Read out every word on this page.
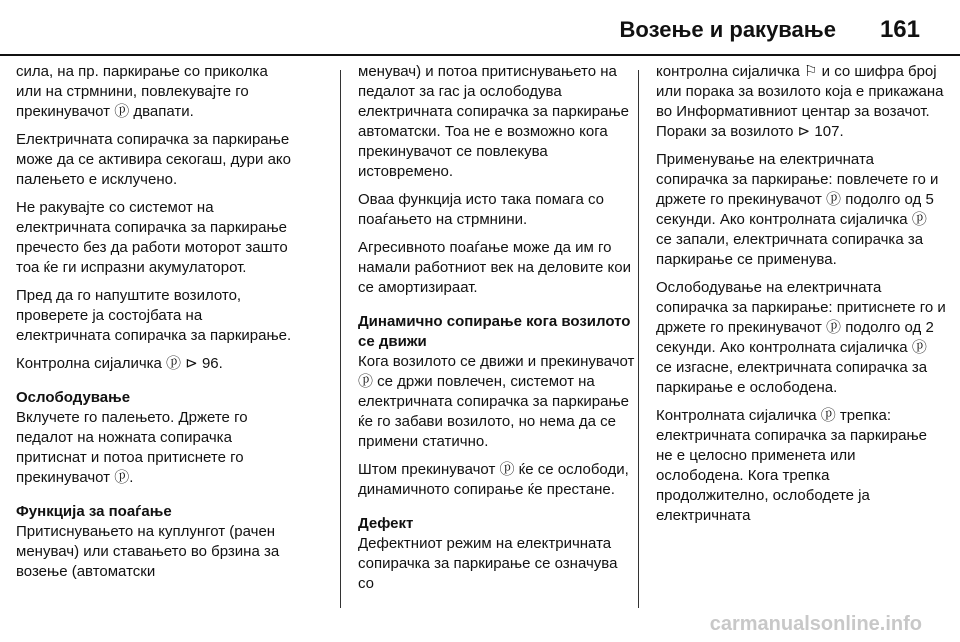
Возење и ракување 161

сила, на пр. паркирање со приколка или на стрмнини, повлекувајте го прекинувачот ⓟ двапати.

Електричната сопирачка за паркирање може да се активира секогаш, дури ако палењето е исклучено.

Не ракувајте со системот на електричната сопирачка за паркирање пречесто без да работи моторот зашто тоа ќе ги испразни акумулаторот.

Пред да го напуштите возилото, проверете ја состојбата на електричната сопирачка за паркирање.

Контролна сијаличка ⓟ ⊳ 96.

Ослободување

Вклучете го палењето. Држете го педалот на ножната сопирачка притиснат и потоа притиснете го прекинувачот ⓟ.

Функција за поаѓање

Притиснувањето на куплунгот (рачен менувач) или ставањето во брзина за возење (автоматски

менувач) и потоа притиснувањето на педалот за гас ја ослободува електричната сопирачка за паркирање автоматски. Тоа не е возможно кога прекинувачот се повлекува истовремено.

Оваа функција исто така помага со поаѓањето на стрмнини.

Агресивното поаѓање може да им го намали работниот век на деловите кои се амортизираат.

Динамично сопирање кога возилото се движи

Кога возилото се движи и прекинувачот ⓟ се држи повлечен, системот на електричната сопирачка за паркирање ќе го забави возилото, но нема да се примени статично.

Штом прекинувачот ⓟ ќе се ослободи, динамичното сопирање ќе престане.

Дефект

Дефектниот режим на електричната сопирачка за паркирање се означува со

контролна сијаличка ⚐ и со шифра број или порака за возилото која е прикажана во Информативниот центар за возачот. Пораки за возилото ⊳ 107.

Применување на електричната сопирачка за паркирање: повлечете го и држете го прекинувачот ⓟ подолго од 5 секунди. Ако контролната сијаличка ⓟ се запали, електричната сопирачка за паркирање се применува.

Ослободување на електричната сопирачка за паркирање: притиснете го и држете го прекинувачот ⓟ подолго од 2 секунди. Ако контролната сијаличка ⓟ се изгасне, електричната сопирачка за паркирање е ослободена.

Контролната сијаличка ⓟ трепка: електричната сопирачка за паркирање не е целосно применета или ослободена. Кога трепка продолжително, ослободете ја електричната

carmanualsonline.info
